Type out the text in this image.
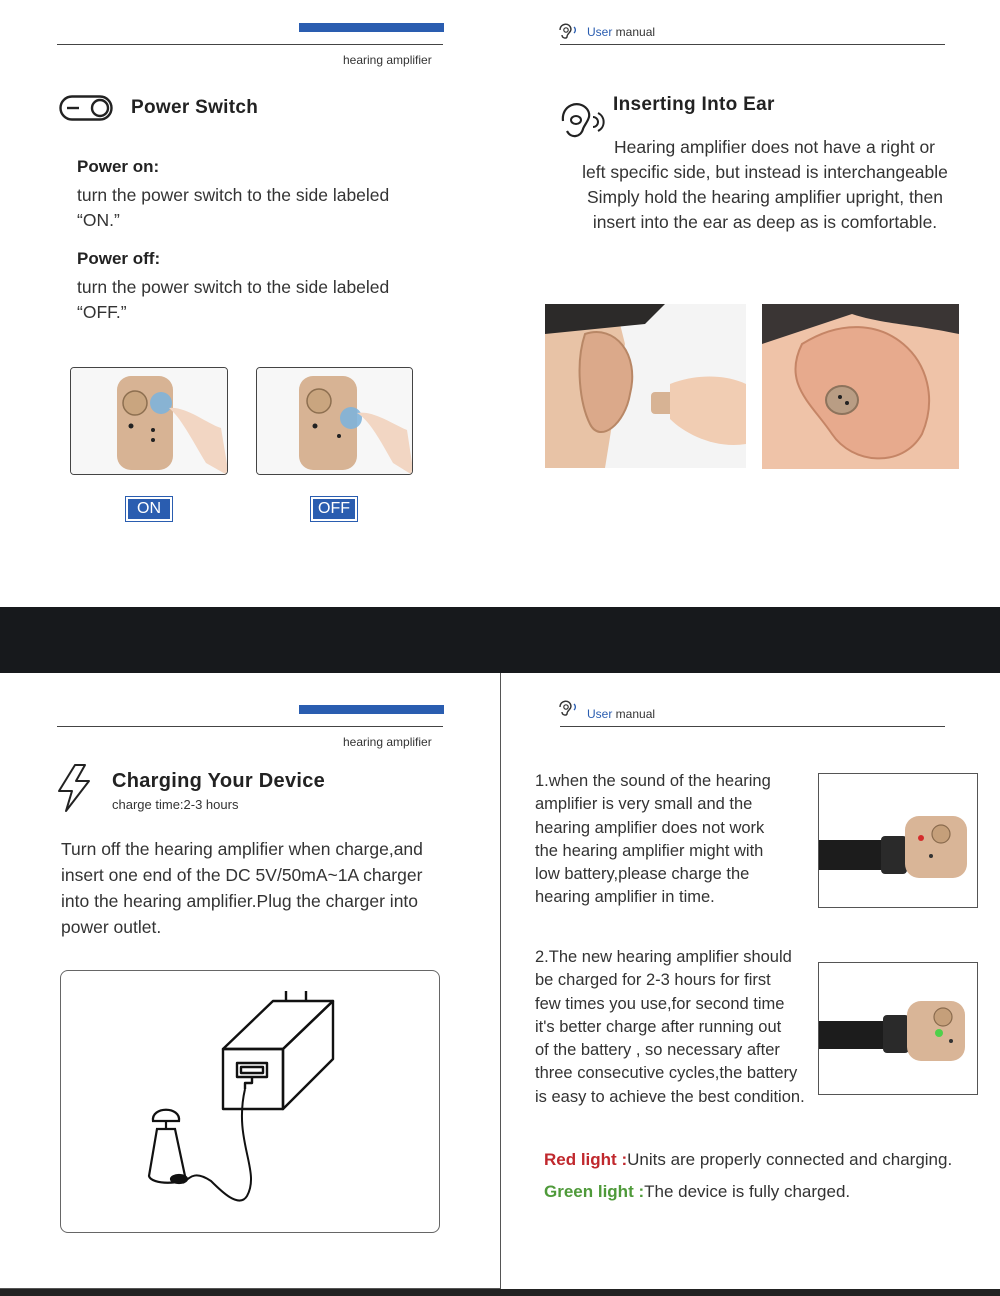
hearing amplifier
Power Switch
Power on:
turn the power switch to the side labeled
“ON.”
Power off:
turn the power switch to the side labeled
“OFF.”
ON	OFF
User manual
Inserting Into Ear
Hearing amplifier does not have a right or
left specific side, but instead is interchangeable
Simply hold the hearing amplifier upright, then
insert into the ear as deep as is comfortable.
hearing amplifier
Charging Your Device
charge time:2-3 hours
Turn off the hearing amplifier when charge,and
insert one end of the DC 5V/50mA~1A charger
into the hearing amplifier.Plug the charger into
power outlet.
User manual
1.when the sound of the hearing
amplifier is very small and the
hearing amplifier does not work
the hearing amplifier might with
low battery,please charge the
hearing amplifier in time.
2.The new hearing amplifier should
be charged for 2-3 hours for first
few times you use,for second time
it's better charge after running out
of the battery , so necessary after
three consecutive cycles,the battery
is easy to achieve the best condition.
Red light :Units are properly connected and charging.
Green light :The device is fully charged.
